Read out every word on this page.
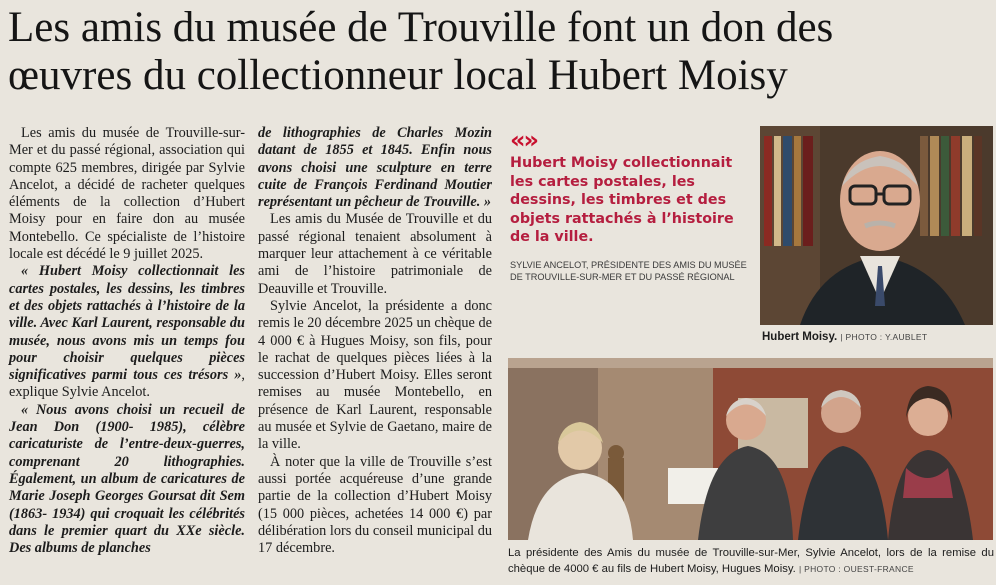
Les amis du musée de Trouville font un don des
œuvres du collectionneur local Hubert Moisy

Les amis du musée de Trouville-sur-Mer et du passé régional, association qui compte 625 membres, dirigée par Sylvie Ancelot, a décidé de racheter quelques éléments de la collection d’Hubert Moisy pour en faire don au musée Montebello. Ce spécialiste de l’histoire locale est décédé le 9 juillet 2025.

« Hubert Moisy collectionnait les cartes postales, les dessins, les timbres et des objets rattachés à l’histoire de la ville. Avec Karl Laurent, responsable du musée, nous avons mis un temps fou pour choisir quelques pièces significatives parmi tous ces trésors », explique Sylvie Ancelot.

« Nous avons choisi un recueil de Jean Don (1900- 1985), célèbre caricaturiste de l’entre-deux-guerres, comprenant 20 lithographies. Également, un album de caricatures de Marie Joseph Georges Goursat dit Sem (1863- 1934) qui croquait les célébrités dans le premier quart du XXe siècle. Des albums de planches

de lithographies de Charles Mozin datant de 1855 et 1845. Enfin nous avons choisi une sculpture en terre cuite de François Ferdinand Moutier représentant un pêcheur de Trouville. »

Les amis du Musée de Trouville et du passé régional tenaient absolument à marquer leur attachement à ce véritable ami de l’histoire patrimoniale de Deauville et Trouville.

Sylvie Ancelot, la présidente a donc remis le 20 décembre 2025 un chèque de 4 000 € à Hugues Moisy, son fils, pour le rachat de quelques pièces liées à la succession d’Hubert Moisy. Elles seront remises au musée Montebello, en présence de Karl Laurent, responsable au musée et Sylvie de Gaetano, maire de la ville.

À noter que la ville de Trouville s’est aussi portée acquéreuse d’une grande partie de la collection d’Hubert Moisy (15 000 pièces, achetées 14 000 €) par délibération lors du conseil municipal du 17 décembre.

«»
Hubert Moisy collectionnait les cartes postales, les dessins, les timbres et des objets rattachés à l’histoire de la ville.
SYLVIE ANCELOT, PRÉSIDENTE DES AMIS DU MUSÉE DE TROUVILLE-SUR-MER ET DU PASSÉ RÉGIONAL
Hubert Moisy. | PHOTO : Y.AUBLET
La présidente des Amis du musée de Trouville-sur-Mer, Sylvie Ancelot, lors de la remise du chèque de 4000 € au fils de Hubert Moisy, Hugues Moisy. | PHOTO : OUEST-FRANCE
